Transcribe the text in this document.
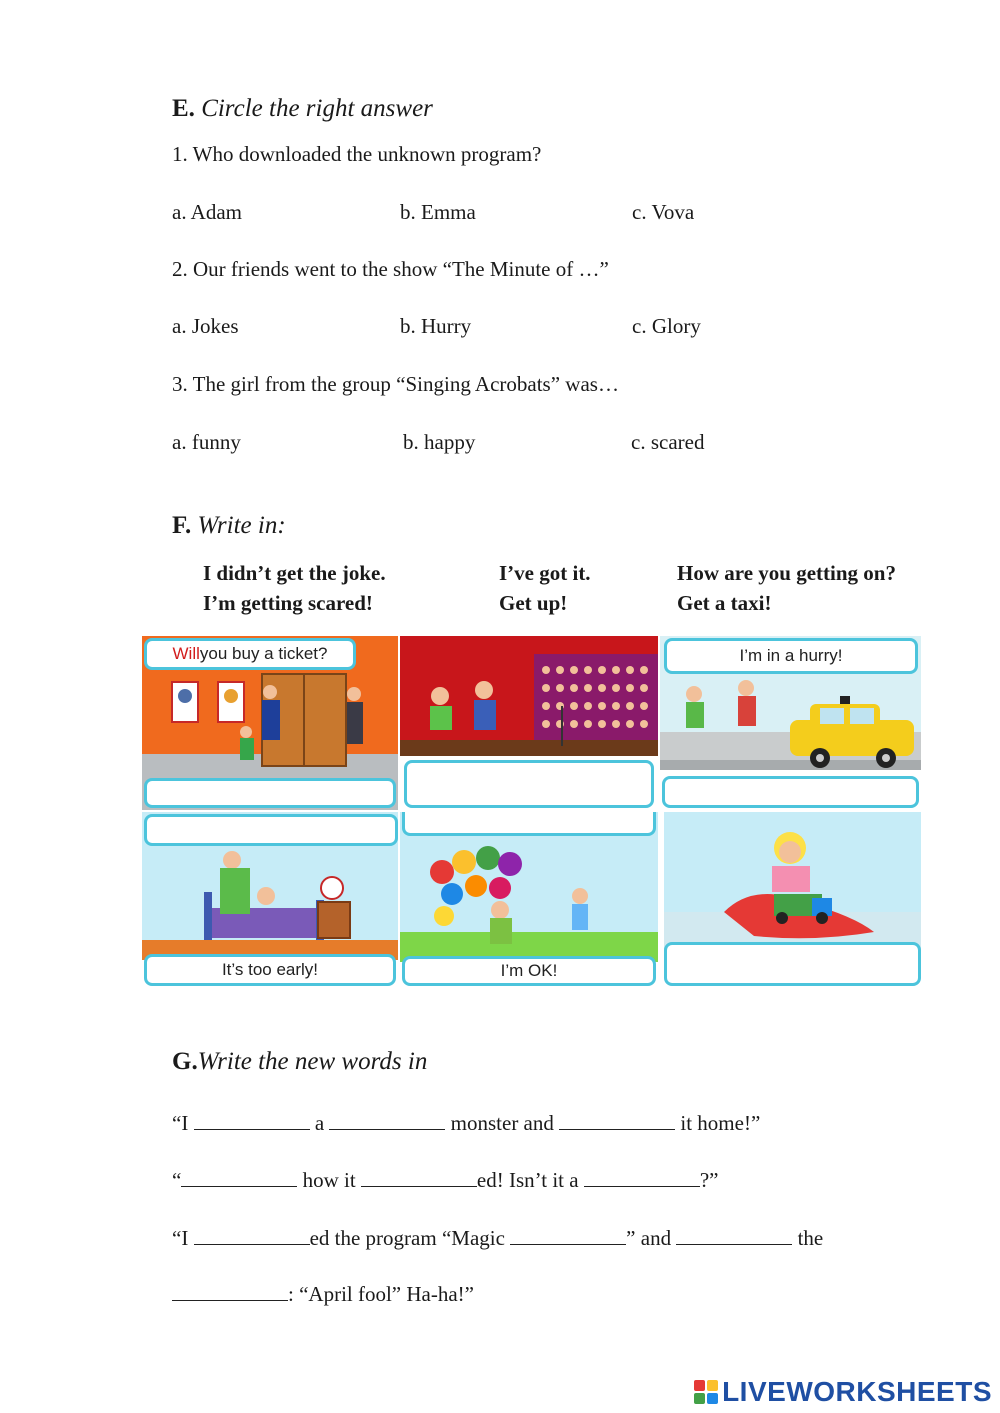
E. Circle the right answer
1. Who downloaded the unknown program?
a. Adam	b. Emma	c. Vova
2. Our friends went to the show “The Minute of …”
a. Jokes	b. Hurry	c. Glory
3. The girl from the group “Singing Acrobats” was…
a. funny	b. happy	c. scared
F. Write in:
I didn’t get the joke.	I’ve got it.	How are you getting on?
I’m getting scared!	Get up!	Get a taxi!
Will you buy a ticket?	I’m in a hurry!
It’s too early!	I’m OK!
G.Write the new words in
“I	a	monster and	it home!”
“	how it	ed! Isn’t it a	?”
“I	ed the program “Magic	” and	the
: “April fool” Ha-ha!”
LIVEWORKSHEETS
